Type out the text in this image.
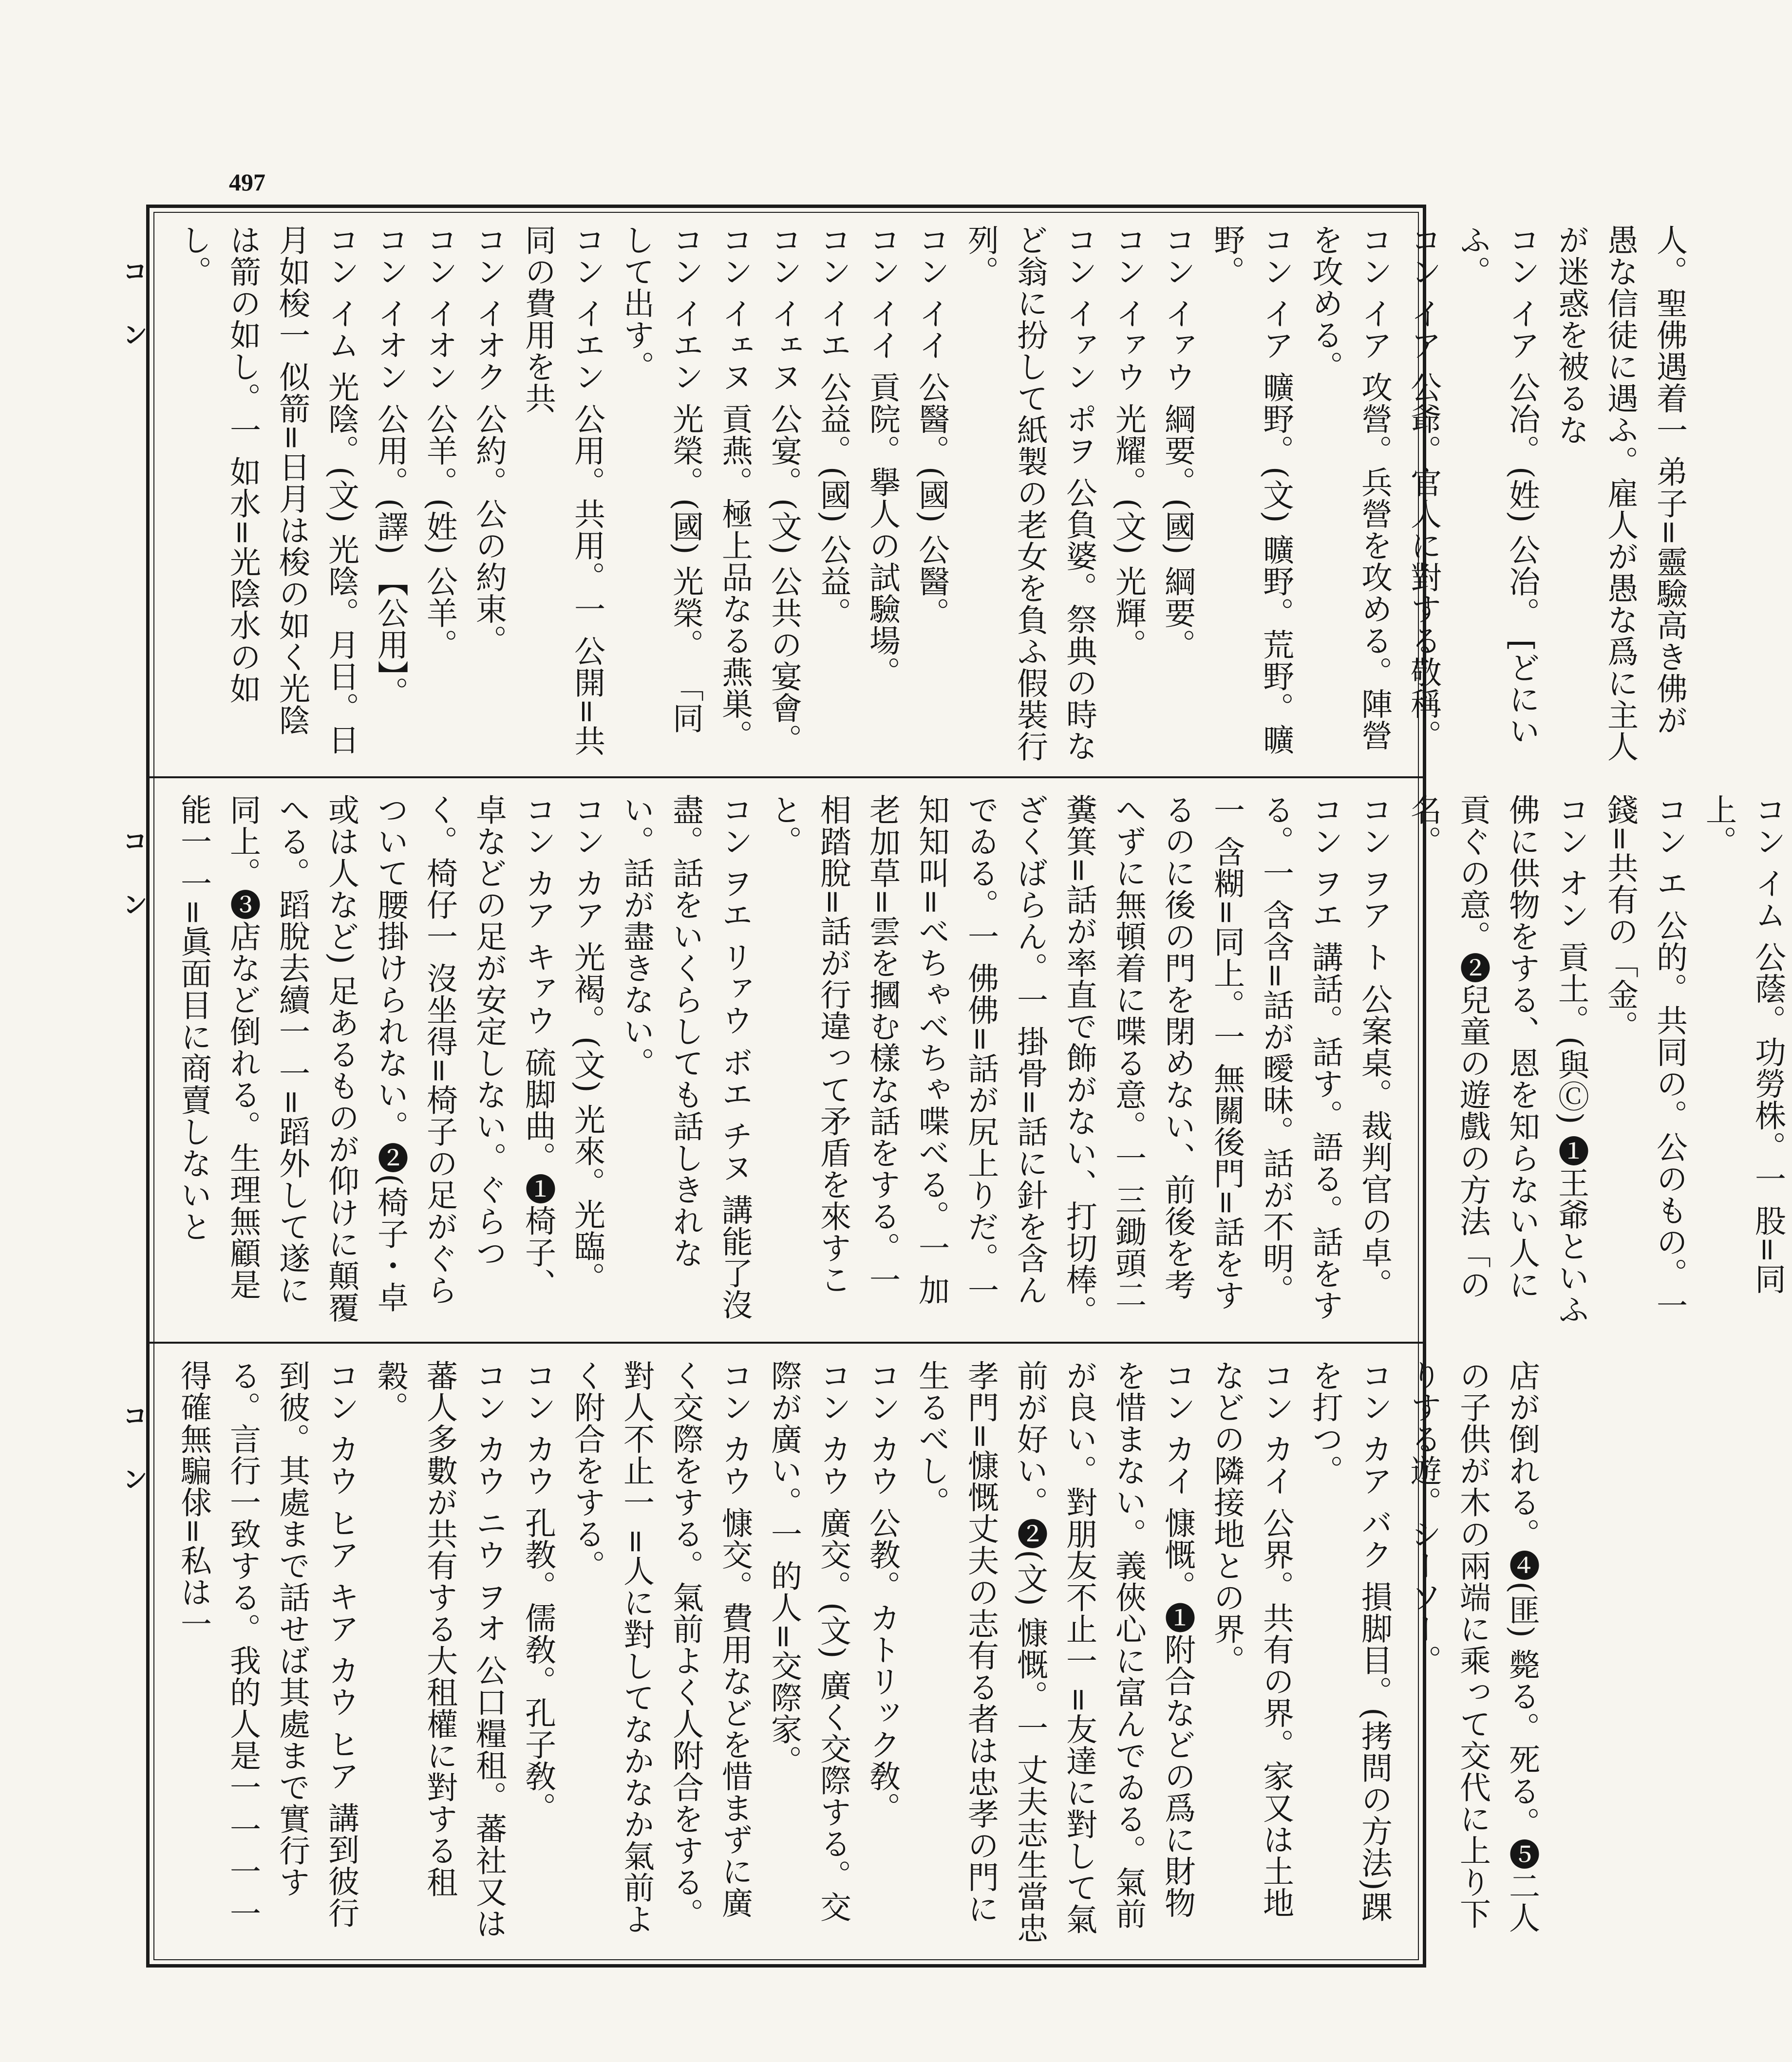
497
コ ン
コ ン
コ ン
人。聖佛遇着一 弟子=靈驗高き佛が愚な信徒に遇ふ。雇人が愚な爲に主人が迷惑を被るな
コン イア 公冶。(姓) 公冶。 [どにいふ。
コン イア 公爺。官人に對する敬稱。
コン イア 攻營。兵營を攻める。陣營を攻める。
コン イア 曠野。(文) 曠野。荒野。曠野。
コン イァウ 綱要。(國) 綱要。
コン イァウ 光耀。(文) 光輝。
コン イァン ポヲ 公負婆。祭典の時など翁に扮して紙製の老女を負ふ假裝行列。
コン イイ 公醫。(國) 公醫。
コン イイ 貢院。擧人の試驗場。
コン イエ 公益。(國) 公益。
コン イェヌ 公宴。(文) 公共の宴會。
コン イェヌ 貢燕。極上品なる燕巣。
コン イエン 光榮。(國) 光榮。 「同して出す。
コン イエン 公用。共用。一 公開=共同の費用を共
コン イオク 公約。公の約束。
コン イオン 公羊。(姓) 公羊。
コン イオン 公用。(譯) 【公用】。
コン イム 光陰。(文) 光陰。月日。日月如梭一 似箭=日月は梭の如く光陰は箭の如し。一 如水=光陰水の如し。
コン イム 公蔭。功勞株。一 股=同上。
コン エ 公的。共同の。公のもの。一 錢=共有の「金。
コン オン 貢土。(與Ⓒ) ❶王爺といふ佛に供物をする、恩を知らない人に貢ぐの意。❷兒童の遊戲の方法「の名。
コン ヲア ト 公案桌。裁判官の卓。
コン ヲエ 講話。話す。語る。話をする。一 含含=話が曖昧。話が不明。一 含糊=同上。一 無關後門=話をするのに後の門を閉めない、前後を考へずに無頓着に喋る意。一 三鋤頭二糞箕=話が率直で飾がない、打切棒。ざくばらん。一 掛骨=話に針を含んでゐる。一 佛佛=話が尻上りだ。一 知知叫=べちゃべちゃ喋べる。一 加老加草=雲を摑む樣な話をする。一 相踏脫=話が行違って矛盾を來すこと。
コン ヲエ リァウ ボエ チヌ 講能了沒盡。話をいくらしても話しきれない。話が盡きない。
コン カア 光褐。(文) 光來。光臨。
コン カア キァウ 硫脚曲。❶椅子、卓などの足が安定しない。ぐらつく。椅仔一 沒坐得=椅子の足がぐらついて腰掛けられない。❷(椅子・卓或は人など) 足あるものが仰けに顛覆へる。蹈脫去續一 一=蹈外して遂に同上。❸店など倒れる。生理無顧是能一 一=眞面目に商賣しないと
店が倒れる。❹(匪) 斃る。死る。❺二人の子供が木の兩端に乘って交代に上り下りする遊。シーソー。
コン カア バク 損脚目。(拷問の方法)踝を打つ。
コン カイ 公界。共有の界。家又は土地などの隣接地との界。
コン カイ 慷慨。❶附合などの爲に財物を惜まない。義俠心に富んでゐる。氣前が良い。對朋友不止一 =友達に對して氣前が好い。❷(文) 慷慨。一 丈夫志生當忠孝門=慷慨丈夫の志有る者は忠孝の門に生るべし。
コン カウ 公教。カトリック敎。
コン カウ 廣交。(文) 廣く交際する。交際が廣い。一 的人=交際家。
コン カウ 慷交。費用などを惜まずに廣く交際をする。氣前よく人附合をする。對人不止一 =人に對してなかなか氣前よく附合をする。
コン カウ 孔教。儒敎。孔子敎。
コン カウ ニウ ヲオ 公口糧租。蕃社又は蕃人多數が共有する大租權に對する租穀。
コン カウ ヒア キア カウ ヒア 講到彼行到彼。其處まで話せば其處まで實行する。言行一致する。我的人是一 一 一 一得確無騙俅=私は一
